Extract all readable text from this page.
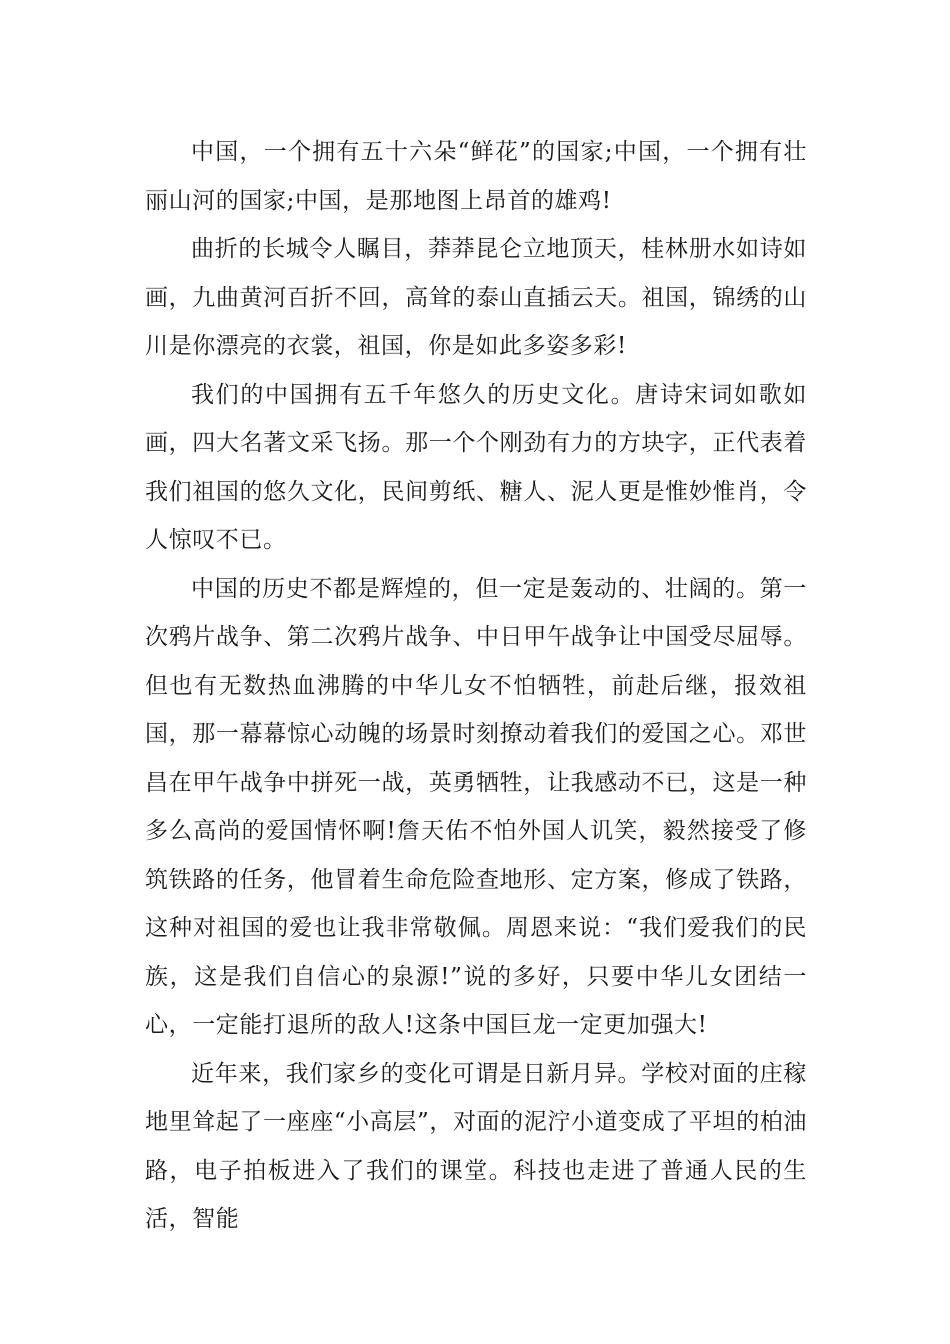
中国，一个拥有五十六朵“鲜花”的国家;中国，一个拥有壮丽山河的国家;中国，是那地图上昂首的雄鸡!

曲折的长城令人瞩目，莽莽昆仑立地顶天，桂林册水如诗如画，九曲黄河百折不回，高耸的泰山直插云天。祖国，锦绣的山川是你漂亮的衣裳，祖国，你是如此多姿多彩!

我们的中国拥有五千年悠久的历史文化。唐诗宋词如歌如画，四大名著文采飞扬。那一个个刚劲有力的方块字，正代表着我们祖国的悠久文化，民间剪纸、糖人、泥人更是惟妙惟肖，令人惊叹不已。

中国的历史不都是辉煌的，但一定是轰动的、壮阔的。第一次鸦片战争、第二次鸦片战争、中日甲午战争让中国受尽屈辱。但也有无数热血沸腾的中华儿女不怕牺牲，前赴后继，报效祖国，那一幕幕惊心动魄的场景时刻撩动着我们的爱国之心。邓世昌在甲午战争中拼死一战，英勇牺牲，让我感动不已，这是一种多么高尚的爱国情怀啊!詹天佑不怕外国人讥笑，毅然接受了修筑铁路的任务，他冒着生命危险查地形、定方案，修成了铁路，这种对祖国的爱也让我非常敬佩。周恩来说：“我们爱我们的民族，这是我们自信心的泉源!”说的多好，只要中华儿女团结一心，一定能打退所的敌人!这条中国巨龙一定更加强大!

近年来，我们家乡的变化可谓是日新月异。学校对面的庄稼地里耸起了一座座“小高层”，对面的泥泞小道变成了平坦的柏油路，电子拍板进入了我们的课堂。科技也走进了普通人民的生活，智能
